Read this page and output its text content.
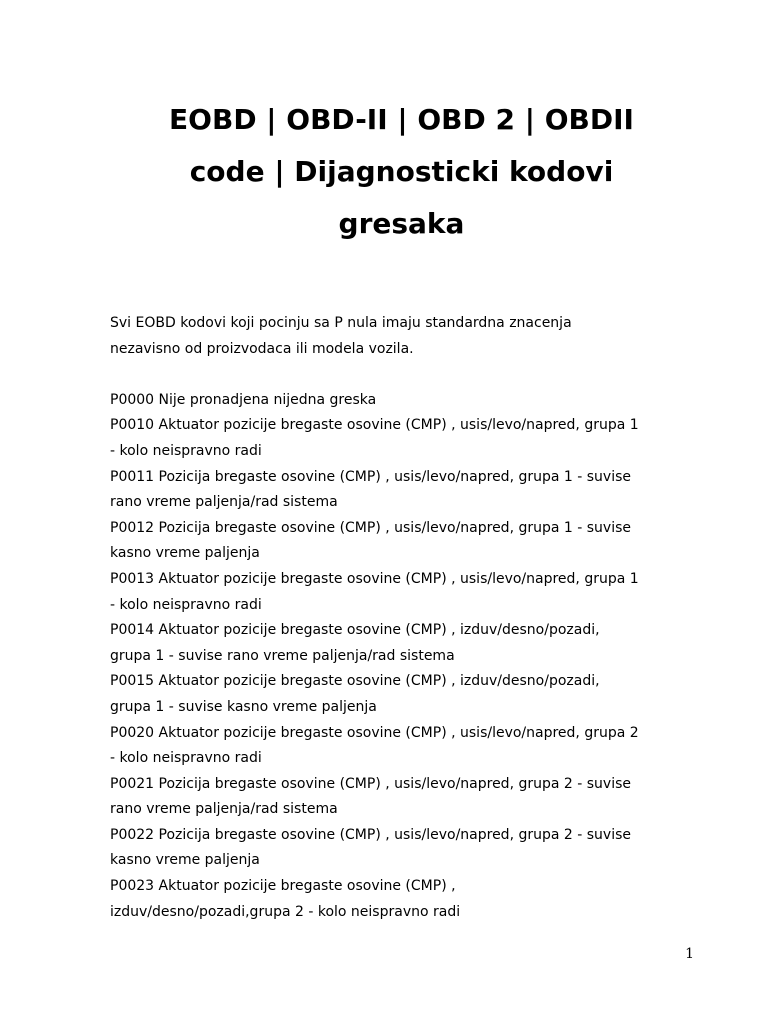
EOBD | OBD-II | OBD 2 | OBDII
code | Dijagnosticki kodovi
gresaka
Svi EOBD kodovi koji pocinju sa P nula imaju standardna znacenja
nezavisno od proizvodaca ili modela vozila.
P0000 Nije pronadjena nijedna greska
P0010 Aktuator pozicije bregaste osovine (CMP) , usis/levo/napred, grupa 1
- kolo neispravno radi
P0011 Pozicija bregaste osovine (CMP) , usis/levo/napred, grupa 1 - suvise
rano vreme paljenja/rad sistema
P0012 Pozicija bregaste osovine (CMP) , usis/levo/napred, grupa 1 - suvise
kasno vreme paljenja
P0013 Aktuator pozicije bregaste osovine (CMP) , usis/levo/napred, grupa 1
- kolo neispravno radi
P0014 Aktuator pozicije bregaste osovine (CMP) , izduv/desno/pozadi,
grupa 1 - suvise rano vreme paljenja/rad sistema
P0015 Aktuator pozicije bregaste osovine (CMP) , izduv/desno/pozadi,
grupa 1 - suvise kasno vreme paljenja
P0020 Aktuator pozicije bregaste osovine (CMP) , usis/levo/napred, grupa 2
- kolo neispravno radi
P0021 Pozicija bregaste osovine (CMP) , usis/levo/napred, grupa 2 - suvise
rano vreme paljenja/rad sistema
P0022 Pozicija bregaste osovine (CMP) , usis/levo/napred, grupa 2 - suvise
kasno vreme paljenja
P0023 Aktuator pozicije bregaste osovine (CMP) ,
izduv/desno/pozadi,grupa 2 - kolo neispravno radi
1
